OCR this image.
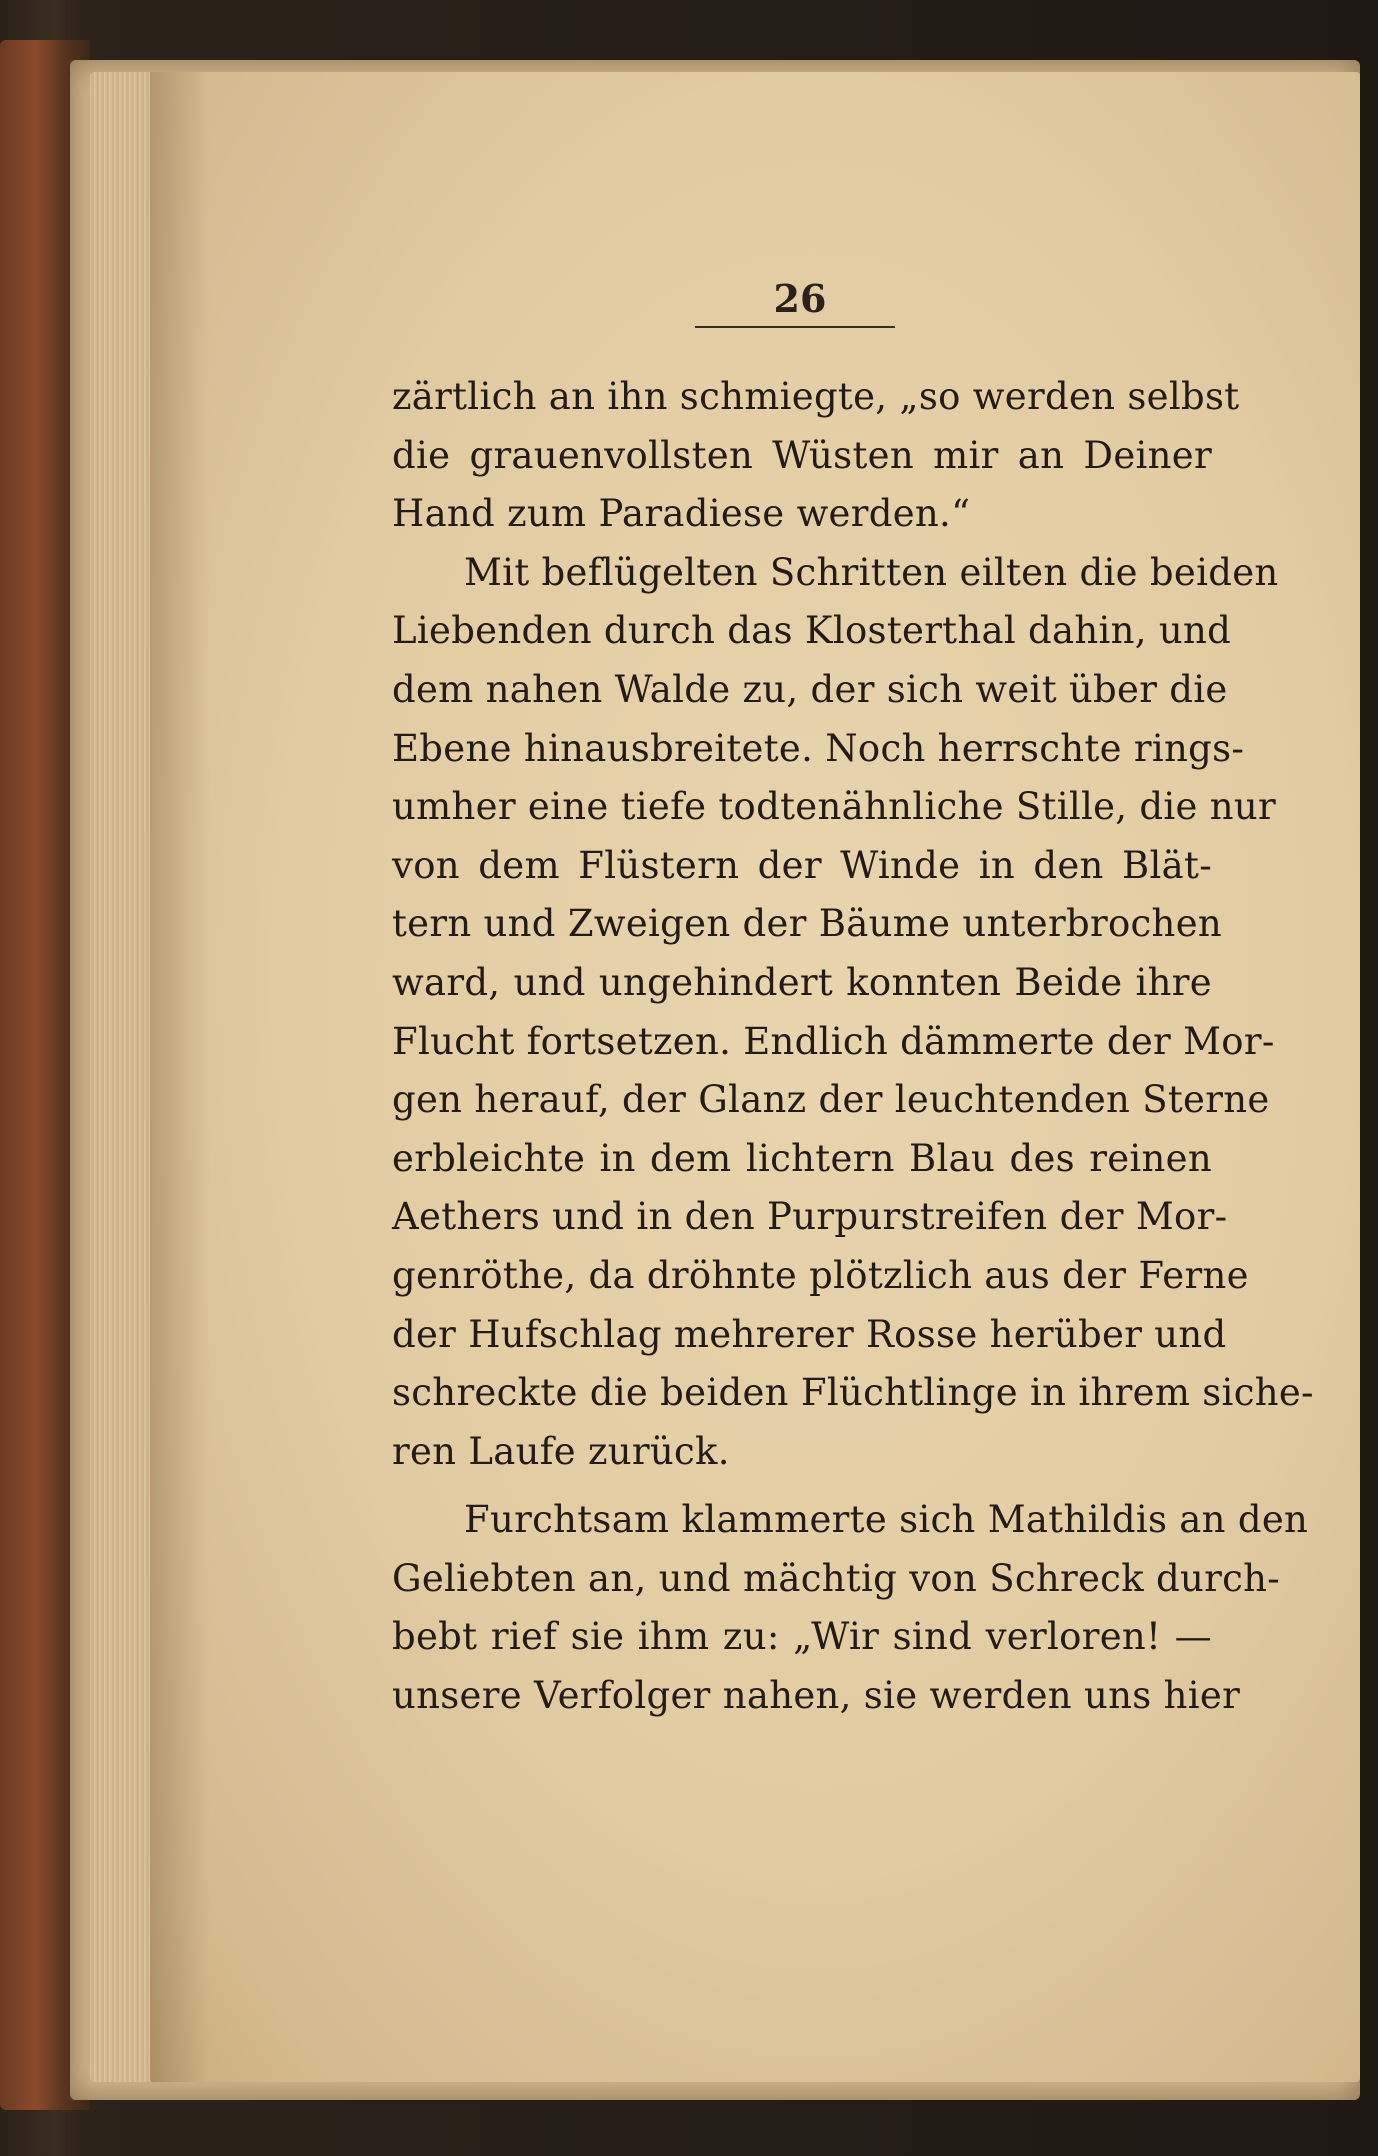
26
zärtlich an ihn schmiegte, „so werden selbst
die grauenvollsten Wüsten mir an Deiner
Hand zum Paradiese werden.“
Mit beflügelten Schritten eilten die beiden
Liebenden durch das Klosterthal dahin, und
dem nahen Walde zu, der sich weit über die
Ebene hinausbreitete. Noch herrschte rings-
umher eine tiefe todtenähnliche Stille, die nur
von dem Flüstern der Winde in den Blät-
tern und Zweigen der Bäume unterbrochen
ward, und ungehindert konnten Beide ihre
Flucht fortsetzen. Endlich dämmerte der Mor-
gen herauf, der Glanz der leuchtenden Sterne
erbleichte in dem lichtern Blau des reinen
Aethers und in den Purpurstreifen der Mor-
genröthe, da dröhnte plötzlich aus der Ferne
der Hufschlag mehrerer Rosse herüber und
schreckte die beiden Flüchtlinge in ihrem siche-
ren Laufe zurück.
Furchtsam klammerte sich Mathildis an den
Geliebten an, und mächtig von Schreck durch-
bebt rief sie ihm zu: „Wir sind verloren! —
unsere Verfolger nahen, sie werden uns hier
